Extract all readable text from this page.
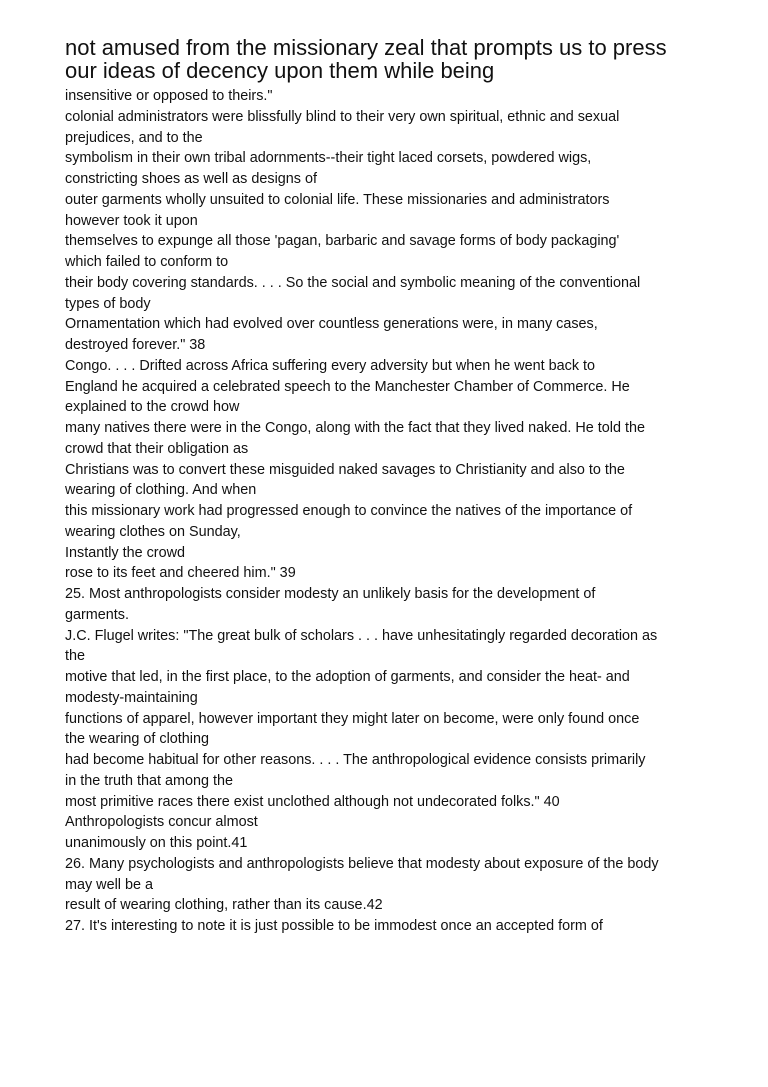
not amused from the missionary zeal that prompts us to press
our ideas of decency upon them while being
insensitive or opposed to theirs."
colonial administrators were blissfully blind to their very own spiritual, ethnic and sexual
prejudices, and to the
symbolism in their own tribal adornments--their tight laced corsets, powdered wigs,
constricting shoes as well as designs of
outer garments wholly unsuited to colonial life. These missionaries and administrators
however took it upon
themselves to expunge all those 'pagan, barbaric and savage forms of body packaging'
which failed to conform to
their body covering standards. . . . So the social and symbolic meaning of the conventional
types of body
Ornamentation which had evolved over countless generations were, in many cases,
destroyed forever." 38
Congo. . . . Drifted across Africa suffering every adversity but when he went back to
England he acquired a celebrated speech to the Manchester Chamber of Commerce. He
explained to the crowd how
many natives there were in the Congo, along with the fact that they lived naked. He told the
crowd that their obligation as
Christians was to convert these misguided naked savages to Christianity and also to the
wearing of clothing. And when
this missionary work had progressed enough to convince the natives of the importance of
wearing clothes on Sunday,
Instantly the crowd
rose to its feet and cheered him." 39
25. Most anthropologists consider modesty an unlikely basis for the development of
garments.
J.C. Flugel writes: "The great bulk of scholars . . . have unhesitatingly regarded decoration as
the
motive that led, in the first place, to the adoption of garments, and consider the heat- and
modesty-maintaining
functions of apparel, however important they might later on become, were only found once
the wearing of clothing
had become habitual for other reasons. . . . The anthropological evidence consists primarily
in the truth that among the
most primitive races there exist unclothed although not undecorated folks." 40
Anthropologists concur almost
unanimously on this point.41
26. Many psychologists and anthropologists believe that modesty about exposure of the body
may well be a
result of wearing clothing, rather than its cause.42
27. It's interesting to note it is just possible to be immodest once an accepted form of
